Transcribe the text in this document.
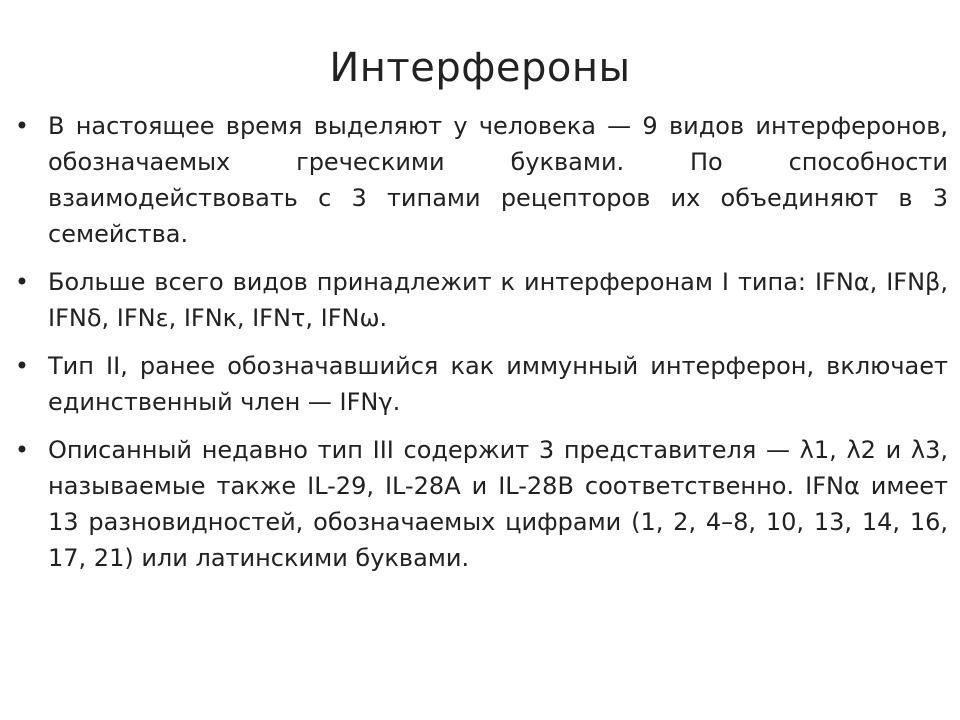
Интерфероны
• В настоящее время выделяют у человека — 9 видов интерферонов, обозначаемых греческими буквами. По способности взаимодействовать с 3 типами рецепторов их объединяют в 3 семейства.
• Больше всего видов принадлежит к интерферонам I типа: IFNα, IFNβ, IFNδ, IFNε, IFNκ, IFNτ, IFNω.
• Тип II, ранее обозначавшийся как иммунный интерферон, включает единственный член — IFNγ.
• Описанный недавно тип III содержит 3 представителя — λ1, λ2 и λ3, называемые также IL-29, IL-28A и IL-28B соответственно. IFNα имеет 13 разновидностей, обозначаемых цифрами (1, 2, 4–8, 10, 13, 14, 16, 17, 21) или латинскими буквами.
